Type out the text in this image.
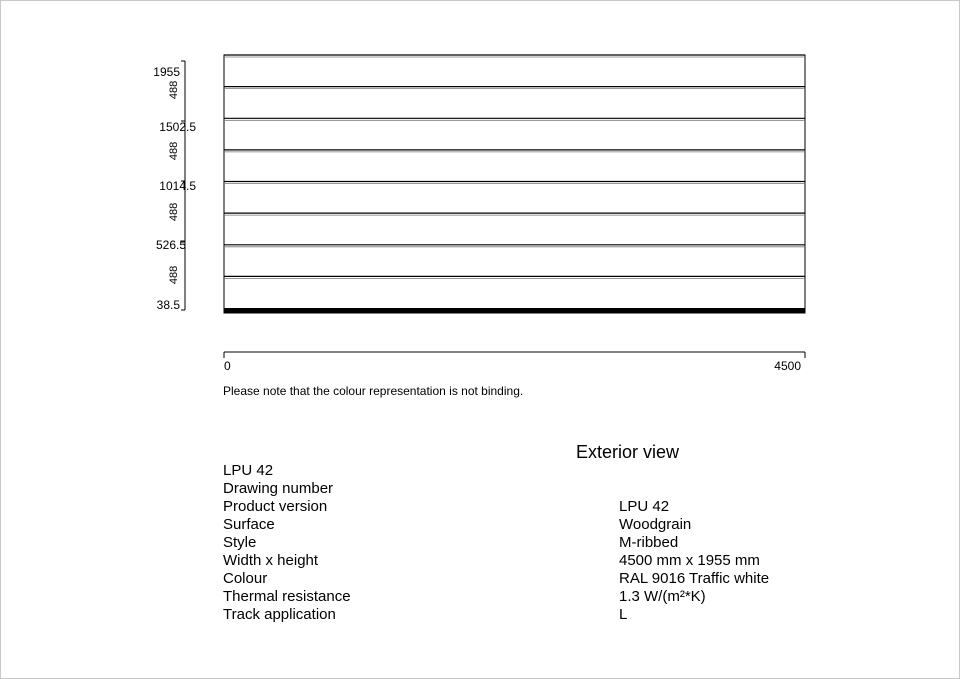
1955
1502.5
1014.5
526.5
38.5
488
488
488
488
0	4500
Please note that the colour representation is not binding.
Exterior view
LPU 42
Drawing number
Product version
Surface
Style
Width x height
Colour
Thermal resistance
Track application
LPU 42
Woodgrain
M-ribbed
4500 mm x 1955 mm
RAL 9016 Traffic white
1.3 W/(m²*K)
L
